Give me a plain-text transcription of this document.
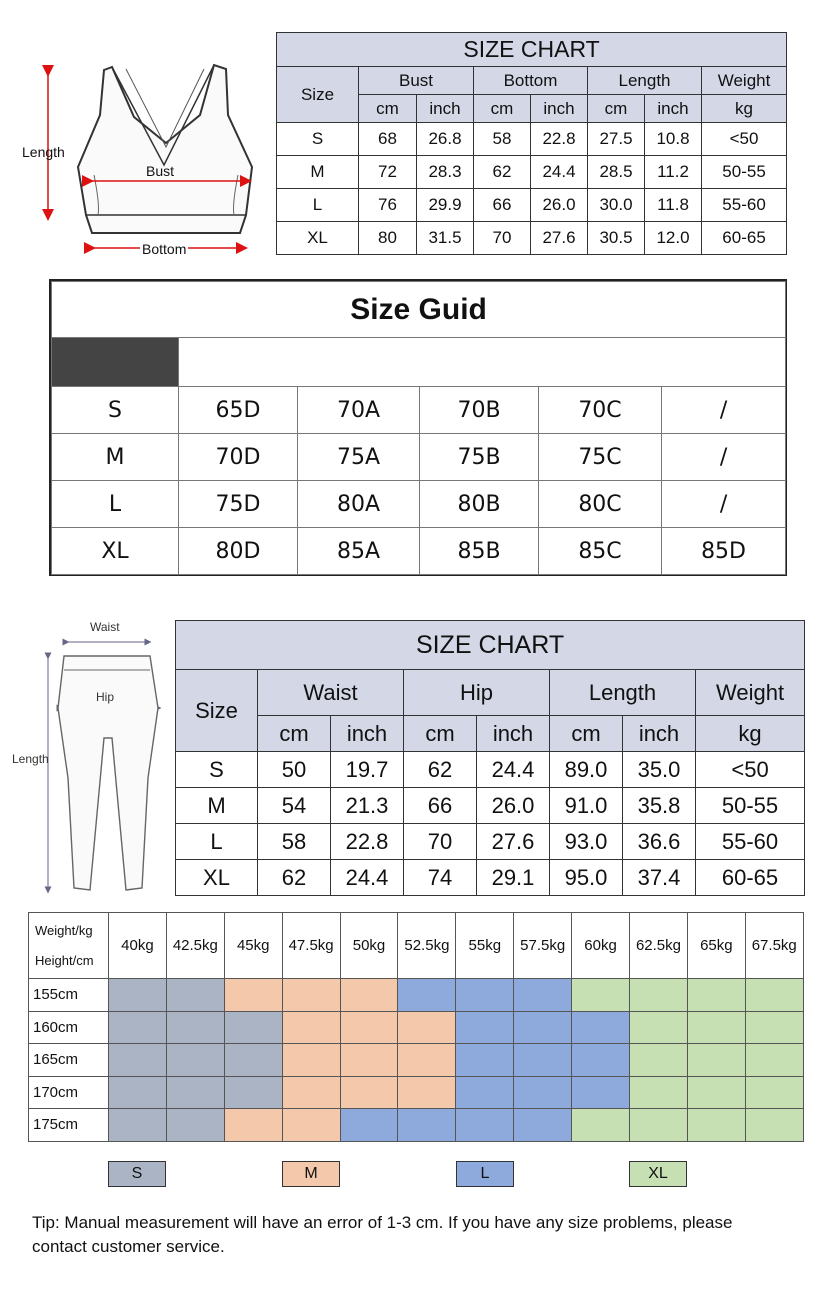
Length
Bust
Bottom
SIZE CHART							
Size	Bust		Bottom		Length		Weight
	cm	inch	cm	inch	cm	inch	kg
S	68	26.8	58	22.8	27.5	10.8	<50
M	72	28.3	62	24.4	28.5	11.2	50-55
L	76	29.9	66	26.0	30.0	11.8	55-60
XL	80	31.5	70	27.6	30.5	12.0	60-65
Size Guid					

S	65D	70A	70B	70C	/
M	70D	75A	75B	75C	/
L	75D	80A	80B	80C	/
XL	80D	85A	85B	85C	85D
Waist
Hip
Length
SIZE CHART							
Size	Waist		Hip		Length		Weight
	cm	inch	cm	inch	cm	inch	kg
S	50	19.7	62	24.4	89.0	35.0	<50
M	54	21.3	66	26.0	91.0	35.8	50-55
L	58	22.8	70	27.6	93.0	36.6	55-60
XL	62	24.4	74	29.1	95.0	37.4	60-65
Weight/kg
Height/cm	40kg	42.5kg	45kg	47.5kg	50kg	52.5kg	55kg	57.5kg	60kg	62.5kg	65kg	67.5kg
155cm												
160cm												
165cm												
170cm												
175cm												
S	M	L	XL
Tip: Manual measurement will have an error of 1-3 cm. If you have any size problems, please contact customer service.
